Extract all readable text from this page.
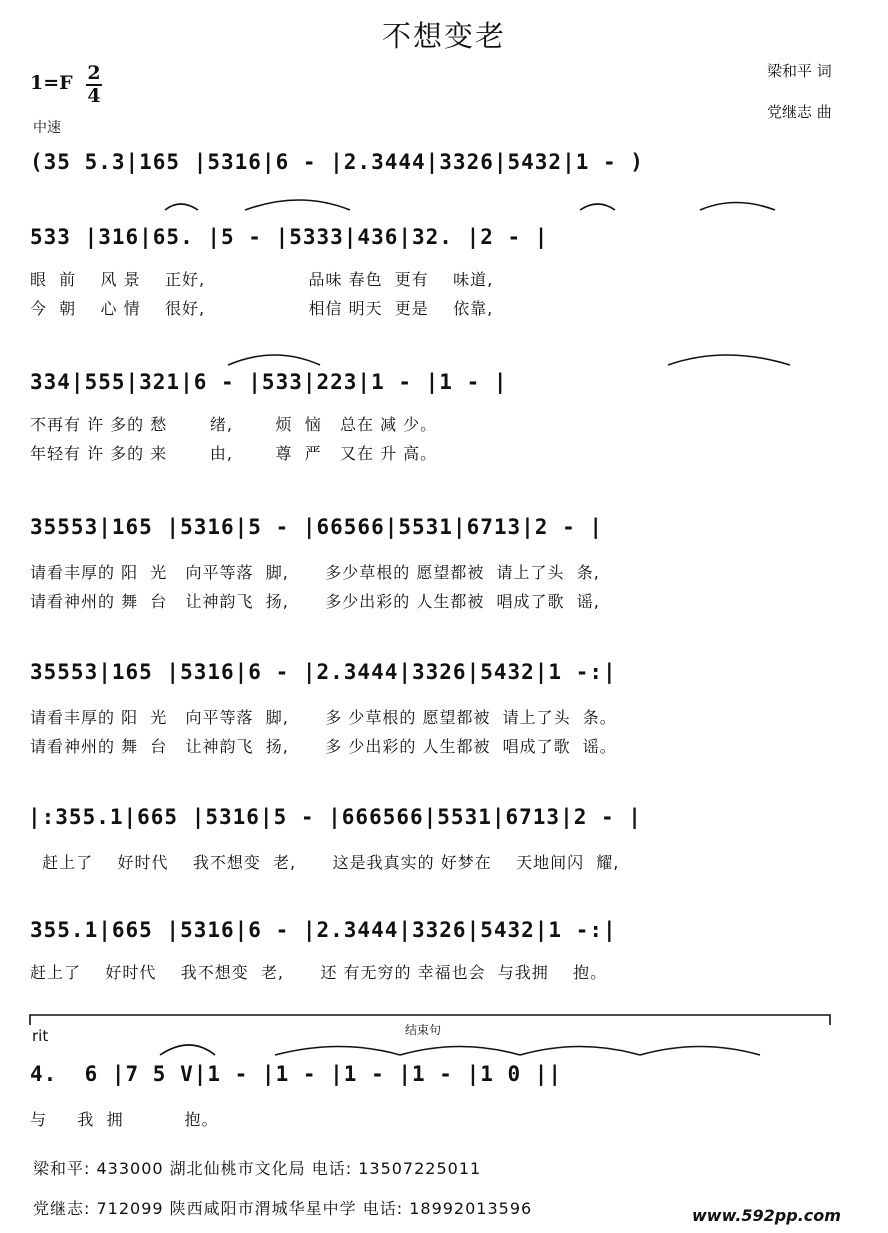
不想变老
梁和平 词
党继志 曲
1=F 2
4
中速
(35 5.3|165 |5316|6 - |2.3444|3326|5432|1 - )
533 |316|65. |5 - |5333|436|32. |2 - |
眼  前    风 景    正好,                 品味 春色  更有    味道,
今  朝    心 情    很好,                 相信 明天  更是    依靠,
334|555|321|6 - |533|223|1 - |1 - |
不再有 许 多的 愁       绪,       烦  恼   总在 减 少。
年轻有 许 多的 来       由,       尊  严   又在 升 高。
35553|165 |5316|5 - |66566|5531|6713|2 - |
请看丰厚的 阳  光   向平等落  脚,      多少草根的 愿望都被  请上了头  条,
请看神州的 舞  台   让神韵飞  扬,      多少出彩的 人生都被  唱成了歌  谣,
35553|165 |5316|6 - |2.3444|3326|5432|1 -:|
请看丰厚的 阳  光   向平等落  脚,      多 少草根的 愿望都被  请上了头  条。
请看神州的 舞  台   让神韵飞  扬,      多 少出彩的 人生都被  唱成了歌  谣。
|:355.1|665 |5316|5 - |666566|5531|6713|2 - |
赶上了    好时代    我不想变  老,      这是我真实的 好梦在    天地间闪  耀,
355.1|665 |5316|6 - |2.3444|3326|5432|1 -:|
赶上了    好时代    我不想变  老,      还 有无穷的 幸福也会  与我拥    抱。
rit	结束句
4.  6 |7 5 V|1 - |1 - |1 - |1 - |1 0 ||
与     我  拥          抱。
梁和平: 433000 湖北仙桃市文化局 电话: 13507225011
党继志: 712099 陕西咸阳市渭城华星中学 电话: 18992013596	www.592pp.com
